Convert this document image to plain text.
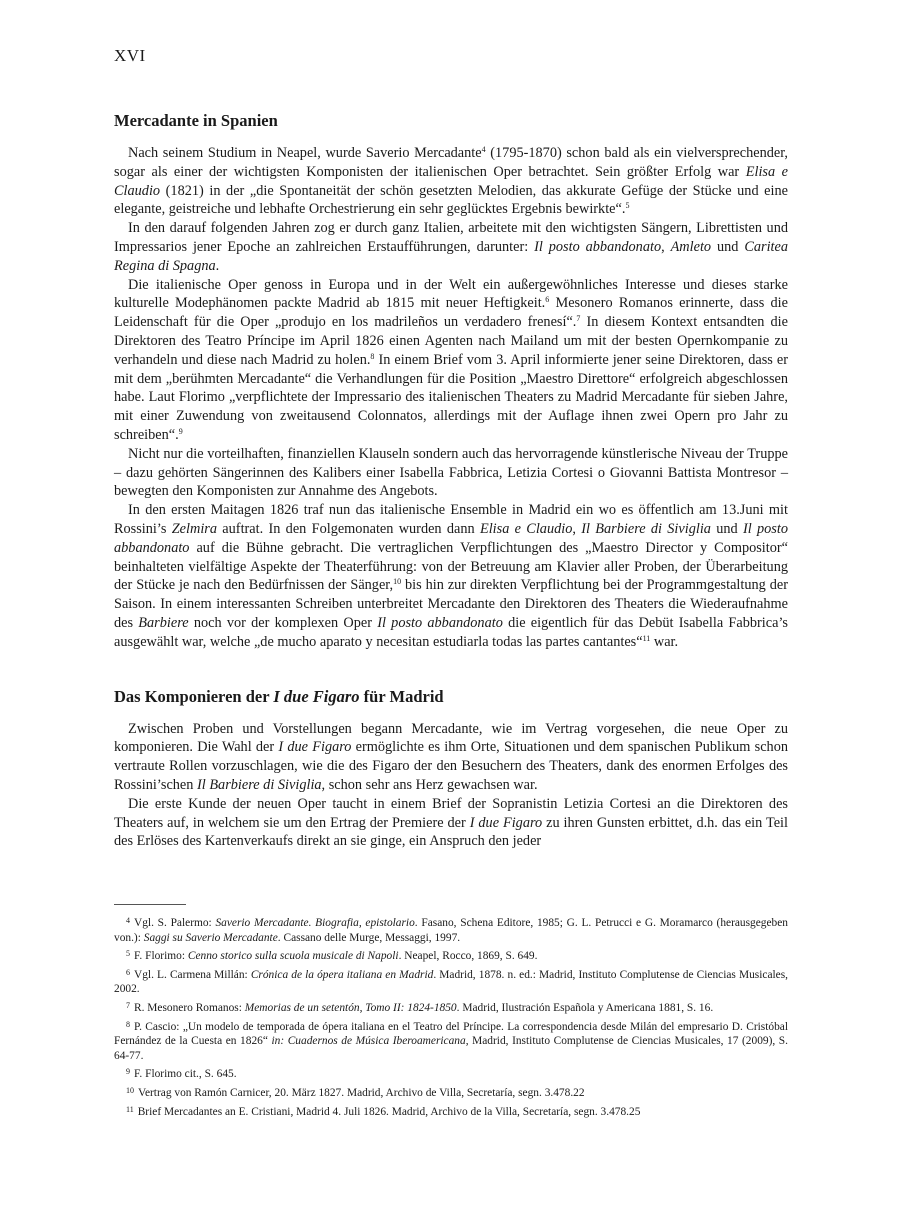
XVI
Mercadante in Spanien

Nach seinem Studium in Neapel, wurde Saverio Mercadante$^4$ (1795-1870) schon bald als ein vielversprechender, sogar als einer der wichtigsten Komponisten der italienischen Oper betrachtet. Sein größter Erfolg war Elisa e Claudio (1821) in der „die Spontaneität der schön gesetzten Melodien, das akkurate Gefüge der Stücke und eine elegante, geistreiche und lebhafte Orchestrierung ein sehr geglücktes Ergebnis bewirkte“.$^5$

In den darauf folgenden Jahren zog er durch ganz Italien, arbeitete mit den wichtigsten Sängern, Librettisten und Impressarios jener Epoche an zahlreichen Erstaufführungen, darunter: Il posto abbandonato, Amleto und Caritea Regina di Spagna.

Die italienische Oper genoss in Europa und in der Welt ein außergewöhnliches Interesse und dieses starke kulturelle Modephänomen packte Madrid ab 1815 mit neuer Heftigkeit.$^6$ Mesonero Romanos erinnerte, dass die Leidenschaft für die Oper „produjo en los madrileños un verdadero frenesí“.$^7$ In diesem Kontext entsandten die Direktoren des Teatro Príncipe im April 1826 einen Agenten nach Mailand um mit der besten Opernkompanie zu verhandeln und diese nach Madrid zu holen.$^8$ In einem Brief vom 3. April informierte jener seine Direktoren, dass er mit dem „berühmten Mercadante“ die Verhandlungen für die Position „Maestro Direttore“ erfolgreich abgeschlossen habe. Laut Florimo „verpflichtete der Impressario des italienischen Theaters zu Madrid Mercadante für sieben Jahre, mit einer Zuwendung von zweitausend Colonnatos, allerdings mit der Auflage ihnen zwei Opern pro Jahr zu schreiben“.$^9$

Nicht nur die vorteilhaften, finanziellen Klauseln sondern auch das hervorragende künstlerische Niveau der Truppe – dazu gehörten Sängerinnen des Kalibers einer Isabella Fabbrica, Letizia Cortesi o Giovanni Battista Montresor – bewegten den Komponisten zur Annahme des Angebots.

In den ersten Maitagen 1826 traf nun das italienische Ensemble in Madrid ein wo es öffentlich am 13.Juni mit Rossini’s Zelmira auftrat. In den Folgemonaten wurden dann Elisa e Claudio, Il Barbiere di Siviglia und Il posto abbandonato auf die Bühne gebracht. Die vertraglichen Verpflichtungen des „Maestro Director y Compositor“ beinhalteten vielfältige Aspekte der Theaterführung: von der Betreuung am Klavier aller Proben, der Überarbeitung der Stücke je nach den Bedürfnissen der Sänger,$^{10}$ bis hin zur direkten Verpflichtung bei der Programmgestaltung der Saison. In einem interessanten Schreiben unterbreitet Mercadante den Direktoren des Theaters die Wiederaufnahme des Barbiere noch vor der komplexen Oper Il posto abbandonato die eigentlich für das Debüt Isabella Fabbrica’s ausgewählt war, welche „de mucho aparato y necesitan estudiarla todas las partes cantantes“$^{11}$ war.

Das Komponieren der I due Figaro für Madrid

Zwischen Proben und Vorstellungen begann Mercadante, wie im Vertrag vorgesehen, die neue Oper zu komponieren. Die Wahl der I due Figaro ermöglichte es ihm Orte, Situationen und dem spanischen Publikum schon vertraute Rollen vorzuschlagen, wie die des Figaro der den Besuchern des Theaters, dank des enormen Erfolges des Rossini’schen Il Barbiere di Siviglia, schon sehr ans Herz gewachsen war.

Die erste Kunde der neuen Oper taucht in einem Brief der Sopranistin Letizia Cortesi an die Direktoren des Theaters auf, in welchem sie um den Ertrag der Premiere der I due Figaro zu ihren Gunsten erbittet, d.h. das ein Teil des Erlöses des Kartenverkaufs direkt an sie ginge, ein Anspruch den jeder

$^4$ Vgl. S. Palermo: Saverio Mercadante. Biografia, epistolario. Fasano, Schena Editore, 1985; G. L. Petrucci e G. Moramarco (herausgegeben von.): Saggi su Saverio Mercadante. Cassano delle Murge, Messaggi, 1997.

$^5$ F. Florimo: Cenno storico sulla scuola musicale di Napoli. Neapel, Rocco, 1869, S. 649.

$^6$ Vgl. L. Carmena Millán: Crónica de la ópera italiana en Madrid. Madrid, 1878. n. ed.: Madrid, Instituto Complutense de Ciencias Musicales, 2002.

$^7$ R. Mesonero Romanos: Memorias de un setentón, Tomo II: 1824-1850. Madrid, Ilustración Española y Americana 1881, S. 16.

$^8$ P. Cascio: „Un modelo de temporada de ópera italiana en el Teatro del Príncipe. La correspondencia desde Milán del empresario D. Cristóbal Fernández de la Cuesta en 1826“ in: Cuadernos de Música Iberoamericana, Madrid, Instituto Complutense de Ciencias Musicales, 17 (2009), S. 64-77.

$^9$ F. Florimo cit., S. 645.

$^{10}$ Vertrag von Ramón Carnicer, 20. März 1827. Madrid, Archivo de Villa, Secretaría, segn. 3.478.22

$^{11}$ Brief Mercadantes an E. Cristiani, Madrid 4. Juli 1826. Madrid, Archivo de la Villa, Secretaría, segn. 3.478.25
